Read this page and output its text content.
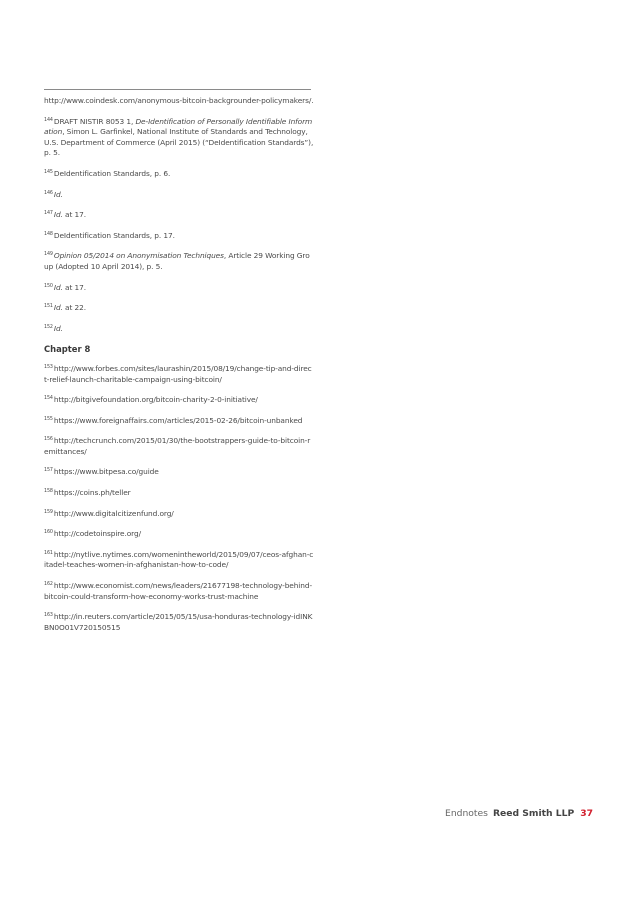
http://www.coindesk.com/anonymous-bitcoin-backgrounder-policymakers/.

$^{144}$DRAFT NISTIR 8053 1, De-Identification of Personally Identifiable Information, Simon L. Garfinkel, National Institute of Standards and Technology, U.S. Department of Commerce (April 2015) (“DeIdentification Standards”), p. 5.

$^{145}$DeIdentification Standards, p. 6.

$^{146}$Id.

$^{147}$Id. at 17.

$^{148}$DeIdentification Standards, p. 17.

$^{149}$Opinion 05/2014 on Anonymisation Techniques, Article 29 Working Group (Adopted 10 April 2014), p. 5.

$^{150}$Id. at 17.

$^{151}$Id. at 22.

$^{152}$Id.

Chapter 8

$^{153}$http://www.forbes.com/sites/laurashin/2015/08/19/change-tip-and-direct-relief-launch-charitable-campaign-using-bitcoin/

$^{154}$http://bitgivefoundation.org/bitcoin-charity-2-0-initiative/

$^{155}$https://www.foreignaffairs.com/articles/2015-02-26/bitcoin-unbanked

$^{156}$http://techcrunch.com/2015/01/30/the-bootstrappers-guide-to-bitcoin-remittances/

$^{157}$https://www.bitpesa.co/guide

$^{158}$https://coins.ph/teller

$^{159}$http://www.digitalcitizenfund.org/

$^{160}$http://codetoinspire.org/

$^{161}$http://nytlive.nytimes.com/womenintheworld/2015/09/07/ceos-afghan-citadel-teaches-women-in-afghanistan-how-to-code/

$^{162}$http://www.economist.com/news/leaders/21677198-technology-behind-bitcoin-could-transform-how-economy-works-trust-machine

$^{163}$http://in.reuters.com/article/2015/05/15/usa-honduras-technology-idINKBN0O01V720150515

Endnotes Reed Smith LLP 37
